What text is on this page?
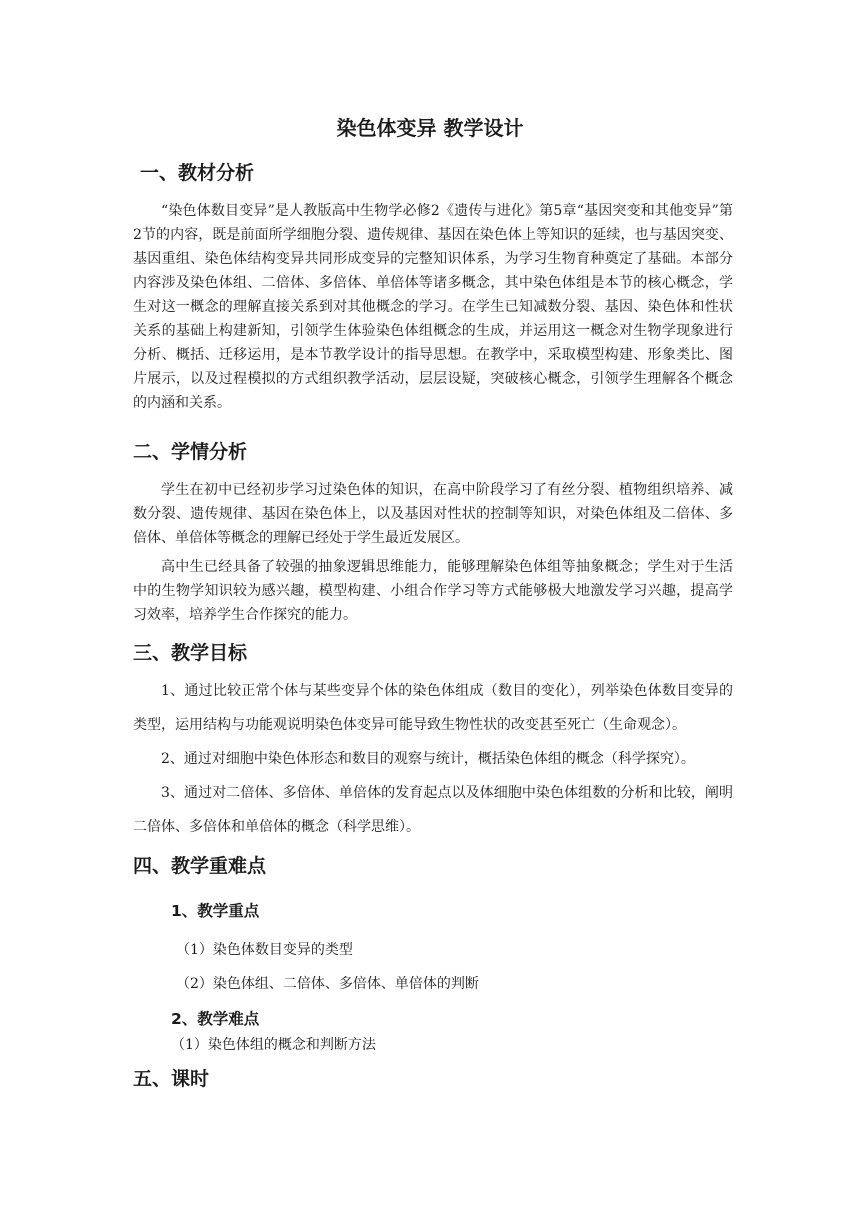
染色体变异 教学设计
一、教材分析

“染色体数目变异”是人教版高中生物学必修2《遗传与进化》第5章“基因突变和其他变异”第2节的内容，既是前面所学细胞分裂、遗传规律、基因在染色体上等知识的延续，也与基因突变、基因重组、染色体结构变异共同形成变异的完整知识体系，为学习生物育种奠定了基础。本部分内容涉及染色体组、二倍体、多倍体、单倍体等诸多概念，其中染色体组是本节的核心概念，学生对这一概念的理解直接关系到对其他概念的学习。在学生已知减数分裂、基因、染色体和性状关系的基础上构建新知，引领学生体验染色体组概念的生成，并运用这一概念对生物学现象进行分析、概括、迁移运用，是本节教学设计的指导思想。在教学中，采取模型构建、形象类比、图片展示，以及过程模拟的方式组织教学活动，层层设疑，突破核心概念，引领学生理解各个概念的内涵和关系。

二、学情分析

学生在初中已经初步学习过染色体的知识，在高中阶段学习了有丝分裂、植物组织培养、减数分裂、遗传规律、基因在染色体上，以及基因对性状的控制等知识，对染色体组及二倍体、多倍体、单倍体等概念的理解已经处于学生最近发展区。

高中生已经具备了较强的抽象逻辑思维能力，能够理解染色体组等抽象概念；学生对于生活中的生物学知识较为感兴趣，模型构建、小组合作学习等方式能够极大地激发学习兴趣，提高学习效率，培养学生合作探究的能力。

三、教学目标

1、通过比较正常个体与某些变异个体的染色体组成（数目的变化），列举染色体数目变异的类型，运用结构与功能观说明染色体变异可能导致生物性状的改变甚至死亡（生命观念）。

2、通过对细胞中染色体形态和数目的观察与统计，概括染色体组的概念（科学探究）。

3、通过对二倍体、多倍体、单倍体的发育起点以及体细胞中染色体组数的分析和比较，阐明二倍体、多倍体和单倍体的概念（科学思维）。

四、教学重难点
1、教学重点

（1）染色体数目变异的类型

（2）染色体组、二倍体、多倍体、单倍体的判断

2、教学难点

（1）染色体组的概念和判断方法

五、课时
